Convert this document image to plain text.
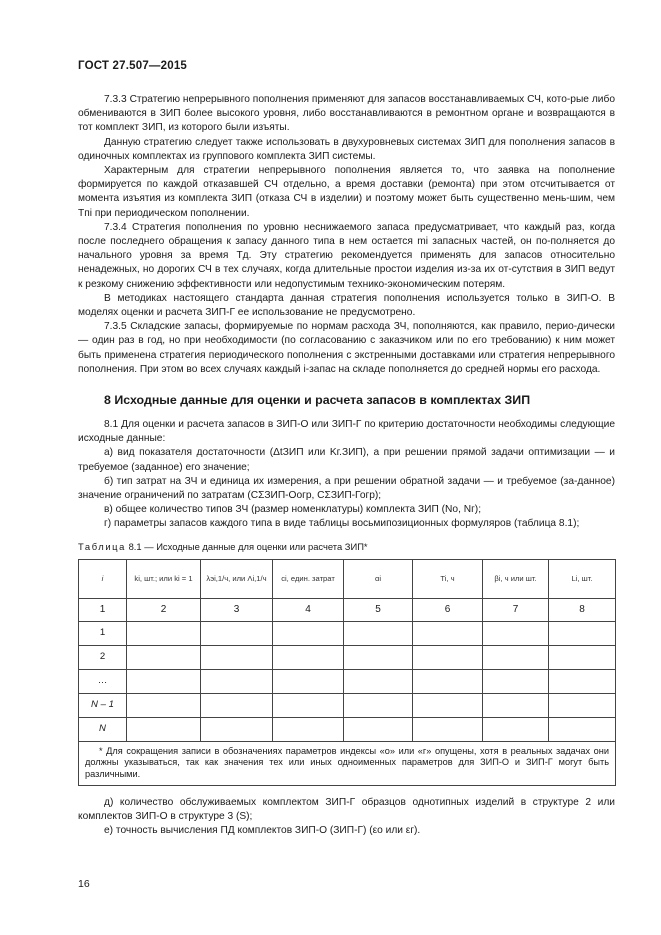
ГОСТ 27.507—2015

7.3.3 Стратегию непрерывного пополнения применяют для запасов восстанавливаемых СЧ, кото-рые либо обмениваются в ЗИП более высокого уровня, либо восстанавливаются в ремонтном органе и возвращаются в тот комплект ЗИП, из которого были изъяты.

Данную стратегию следует также использовать в двухуровневых системах ЗИП для пополнения запасов в одиночных комплектах из группового комплекта ЗИП системы.

Характерным для стратегии непрерывного пополнения является то, что заявка на пополнение формируется по каждой отказавшей СЧ отдельно, а время доставки (ремонта) при этом отсчитывается от момента изъятия из комплекта ЗИП (отказа СЧ в изделии) и поэтому может быть существенно мень-шим, чем Tпi при периодическом пополнении.

7.3.4 Стратегия пополнения по уровню неснижаемого запаса предусматривает, что каждый раз, когда после последнего обращения к запасу данного типа в нем остается mi запасных частей, он по-полняется до начального уровня за время Tд. Эту стратегию рекомендуется применять для запасов относительно ненадежных, но дорогих СЧ в тех случаях, когда длительные простои изделия из-за их от-сутствия в ЗИП ведут к резкому снижению эффективности или недопустимым технико-экономическим потерям.

В методиках настоящего стандарта данная стратегия пополнения используется только в ЗИП-О. В моделях оценки и расчета ЗИП-Г ее использование не предусмотрено.

7.3.5 Складские запасы, формируемые по нормам расхода ЗЧ, пополняются, как правило, перио-дически — один раз в год, но при необходимости (по согласованию с заказчиком или по его требованию) к ним может быть применена стратегия периодического пополнения с экстренными доставками или стратегия непрерывного пополнения. При этом во всех случаях каждый i-запас на складе пополняется до средней нормы его расхода.

8 Исходные данные для оценки и расчета запасов в комплектах ЗИП

8.1 Для оценки и расчета запасов в ЗИП-О или ЗИП-Г по критерию достаточности необходимы следующие исходные данные:

а) вид показателя достаточности (ΔtЗИП или Kг.ЗИП), а при решении прямой задачи оптимизации — и требуемое (заданное) его значение;

б) тип затрат на ЗЧ и единица их измерения, а при решении обратной задачи — и требуемое (за-данное) значение ограничений по затратам (CΣЗИП-Oогр, CΣЗИП-Гогр);

в) общее количество типов ЗЧ (размер номенклатуры) комплекта ЗИП (No, Nг);

г) параметры запасов каждого типа в виде таблицы восьмипозиционных формуляров (таблица 8.1);

Таблица 8.1 — Исходные данные для оценки или расчета ЗИП*
i	ki, шт.; или ki = 1	λэi,1/ч, или Λi,1/ч	ci, един. затрат	αi	Ti, ч	βi, ч или шт.	Li, шт.
1	2	3	4	5	6	7	8
1							
2							
…							
N – 1							
N							

* Для сокращения записи в обозначениях параметров индексы «о» или «г» опущены, хотя в реальных задачах они должны указываться, так как значения тех или иных одноименных параметров для ЗИП-О и ЗИП-Г могут быть различными.							

д) количество обслуживаемых комплектом ЗИП-Г образцов однотипных изделий в структуре 2 или комплектов ЗИП-О в структуре 3 (S);

е) точность вычисления ПД комплектов ЗИП-О (ЗИП-Г) (εо или εг).

16
